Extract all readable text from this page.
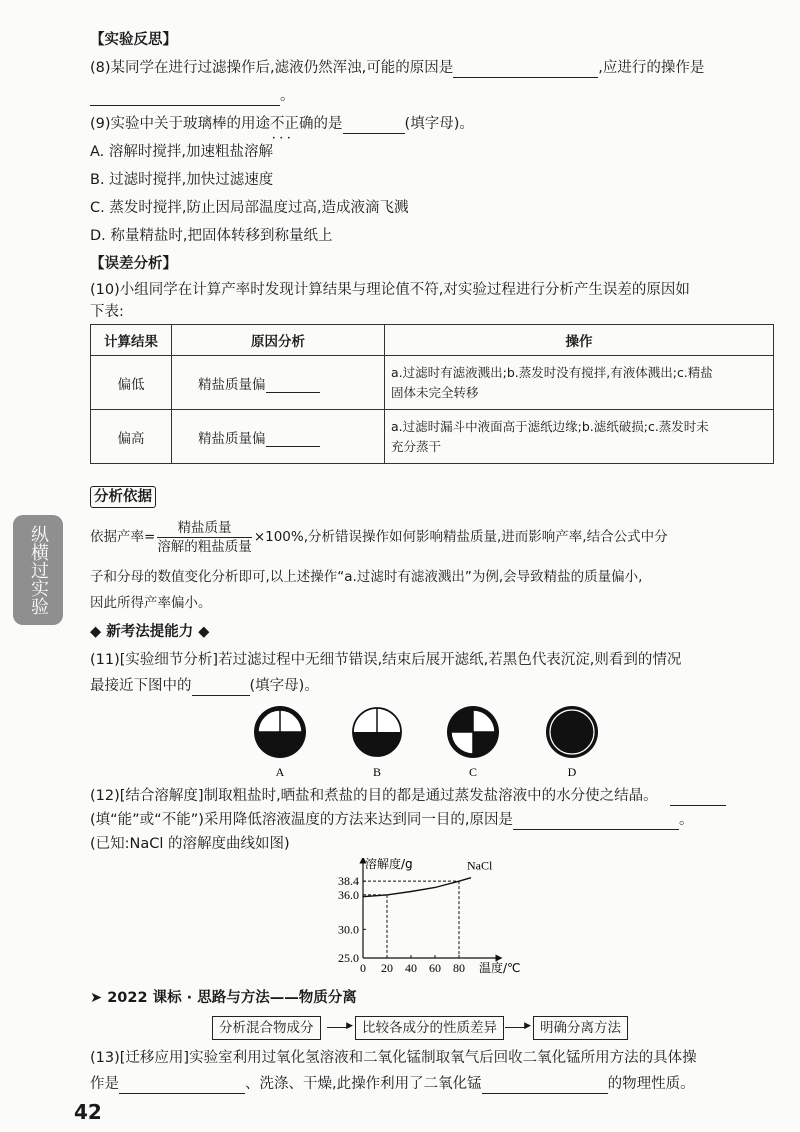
【实验反思】
(8)某同学在进行过滤操作后,滤液仍然浑浊,可能的原因是	,应进行的操作是
。
(9)实验中关于玻璃棒的用途不正确 • • •的是	(填字母)。
A. 溶解时搅拌,加速粗盐溶解
B. 过滤时搅拌,加快过滤速度
C. 蒸发时搅拌,防止因局部温度过高,造成液滴飞溅
D. 称量精盐时,把固体转移到称量纸上
【误差分析】
(10)小组同学在计算产率时发现计算结果与理论值不符,对实验过程进行分析产生误差的原因如
下表:
计算结果	原因分析	操作
偏低	精盐质量偏	a.过滤时有滤液溅出;b.蒸发时没有搅拌,有液体溅出;c.精盐
固体未完全转移

偏高	精盐质量偏	a.过滤时漏斗中液面高于滤纸边缘;b.滤纸破损;c.蒸发时未
充分蒸干
纵横过实验
分析依据
依据产率= $\frac{\text{精盐质量}}{\text{溶解的粗盐质量}} \times 100\%$,分析错误操作如何影响精盐质量,进而影响产率,结合公式中分
子和分母的数值变化分析即可,以上述操作“a.过滤时有滤液溅出”为例,会导致精盐的质量偏小,
因此所得产率偏小。
◆ 新考法提能力 ◆
(11)[实验细节分析]若过滤过程中无细节错误,结束后展开滤纸,若黑色代表沉淀,则看到的情况
最接近下图中的	(填字母)。
A	B	C	D
(12)[结合溶解度]制取粗盐时,晒盐和煮盐的目的都是通过蒸发盐溶液中的水分使之结晶。
(填“能”或“不能”)采用降低溶液温度的方法来达到同一目的,原因是	。
(已知:NaCl 的溶解度曲线如图)
25.0
30.0
36.0
38.4
0 20 40 60 80
溶解度/g
温度/℃
NaCl
➤ 2022 课标 · 思路与方法——物质分离
分析混合物成分	▶ 比较各成分的性质差异	▶ 明确分离方法
(13)[迁移应用]实验室利用过氧化氢溶液和二氧化锰制取氧气后回收二氧化锰所用方法的具体操
作是	、洗涤、干燥,此操作利用了二氧化锰	的物理性质。
42
